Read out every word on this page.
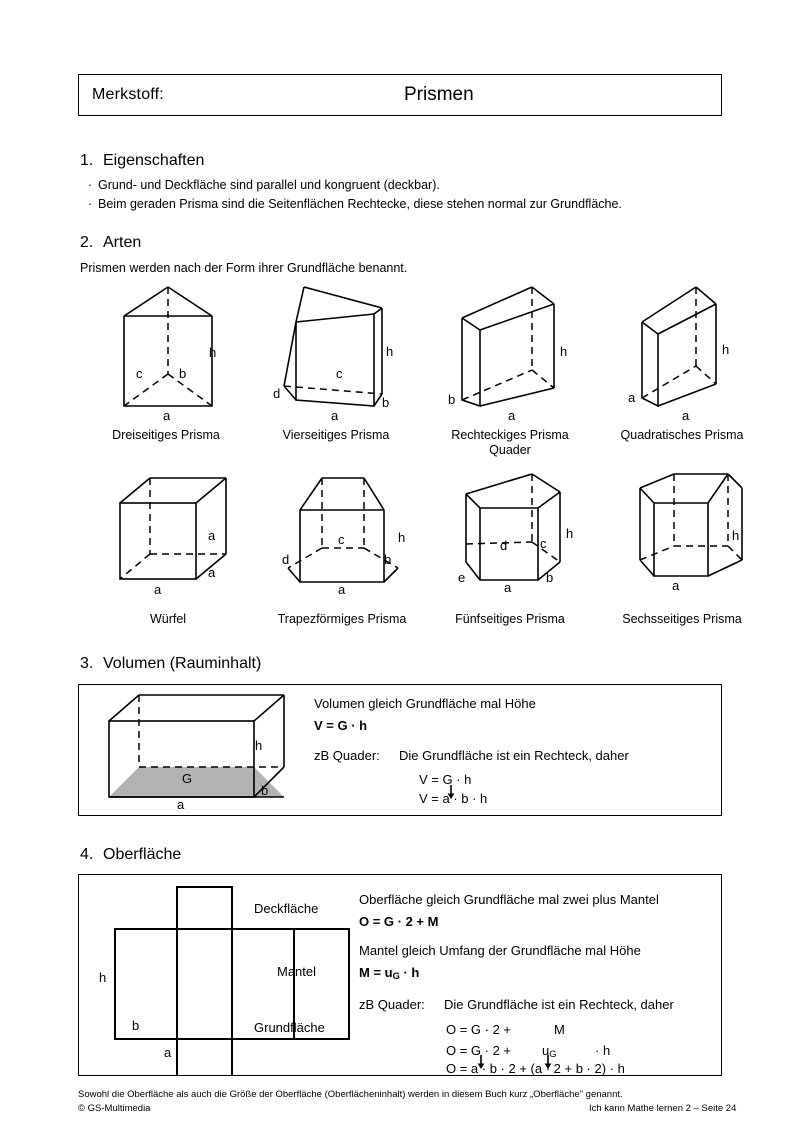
Merkstoff:	Prismen
1. Eigenschaften
· Grund- und Deckfläche sind parallel und kongruent (deckbar).
· Beim geraden Prisma sind die Seitenflächen Rechtecke, diese stehen normal zur Grundfläche.
2. Arten
Prismen werden nach der Form ihrer Grundfläche benannt.
h
c	b
a
Dreiseitiges Prisma
h
c
d
b
a
Vierseitiges Prisma
h
b
a
Rechteckiges Prisma
Quader
h
a
a
Quadratisches Prisma
a
a
a
Würfel
h
c
d	b
a
Trapezförmiges Prisma
h
d	c
e	b
a
Fünfseitiges Prisma
h
a
Sechsseitiges Prisma
3. Volumen (Rauminhalt)
h
b
a
G
Volumen gleich Grundfläche mal Höhe
V = G · h
zB Quader: Die Grundfläche ist ein Rechteck, daher
V = G · h
V = a · b · h
4. Oberfläche
h
b
a
Deckfläche
Mantel
Grundfläche
Oberfläche gleich Grundfläche mal zwei plus Mantel
O = G · 2 + M
Mantel gleich Umfang der Grundfläche mal Höhe
$M = u_G \cdot h$
zB Quader: Die Grundfläche ist ein Rechteck, daher
O = G · 2 +	M
$O = G \cdot 2 + u_G$	· h
O = a · b · 2 + (a · 2 + b · 2) · h
Sowohl die Oberfläche als auch die Größe der Oberfläche (Oberflächeninhalt) werden in diesem Buch kurz „Oberfläche" genannt.
© GS-Multimedia	Ich kann Mathe lernen 2 – Seite 24
